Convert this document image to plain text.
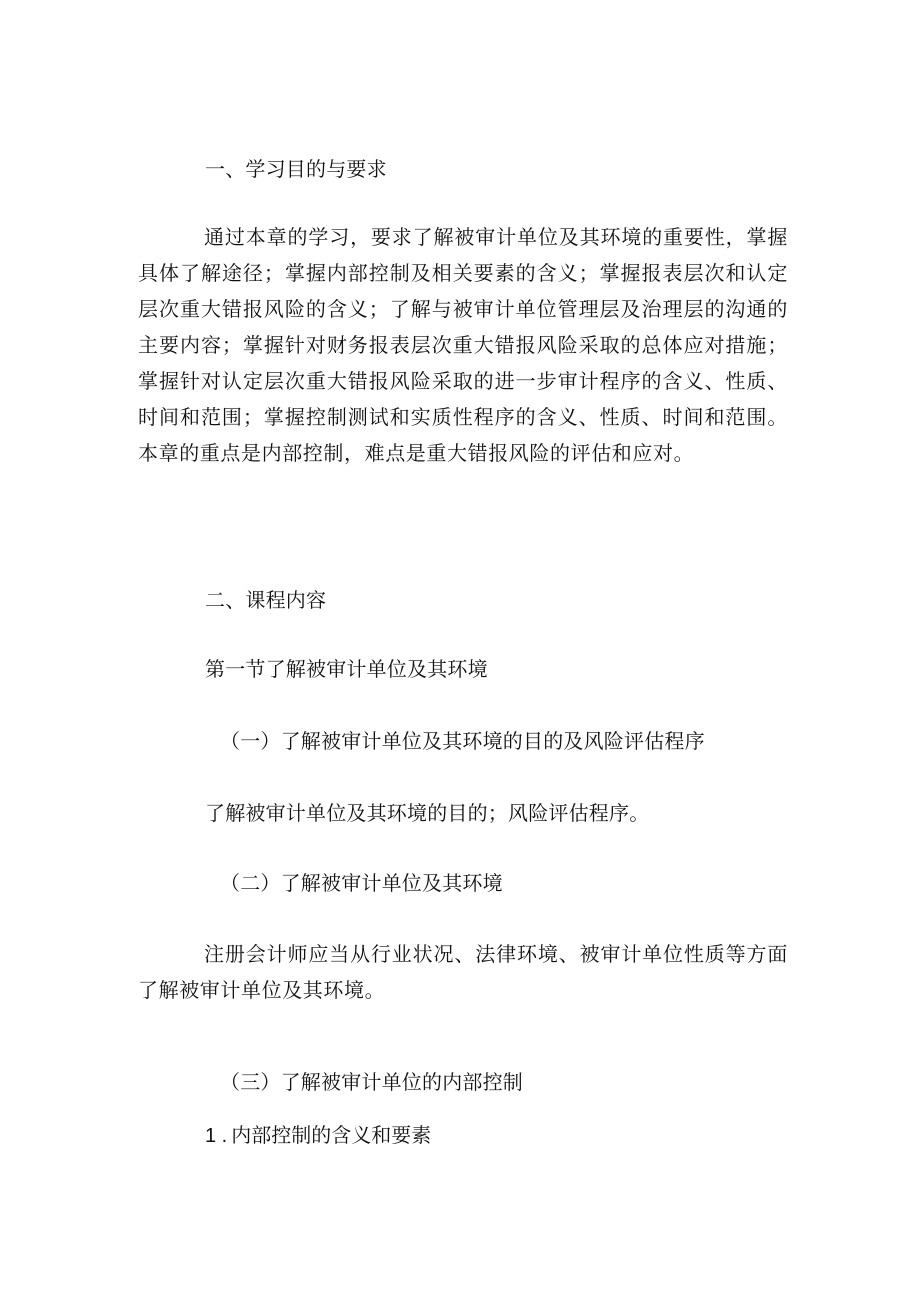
一、学习目的与要求
通过本章的学习，要求了解被审计单位及其环境的重要性，掌握具体了解途径；掌握内部控制及相关要素的含义；掌握报表层次和认定层次重大错报风险的含义；了解与被审计单位管理层及治理层的沟通的主要内容；掌握针对财务报表层次重大错报风险采取的总体应对措施；掌握针对认定层次重大错报风险采取的进一步审计程序的含义、性质、时间和范围；掌握控制测试和实质性程序的含义、性质、时间和范围。本章的重点是内部控制，难点是重大错报风险的评估和应对。
二、课程内容
第一节了解被审计单位及其环境
（一）了解被审计单位及其环境的目的及风险评估程序
了解被审计单位及其环境的目的；风险评估程序。
（二）了解被审计单位及其环境
注册会计师应当从行业状况、法律环境、被审计单位性质等方面了解被审计单位及其环境。
（三）了解被审计单位的内部控制
1 . 内部控制的含义和要素
